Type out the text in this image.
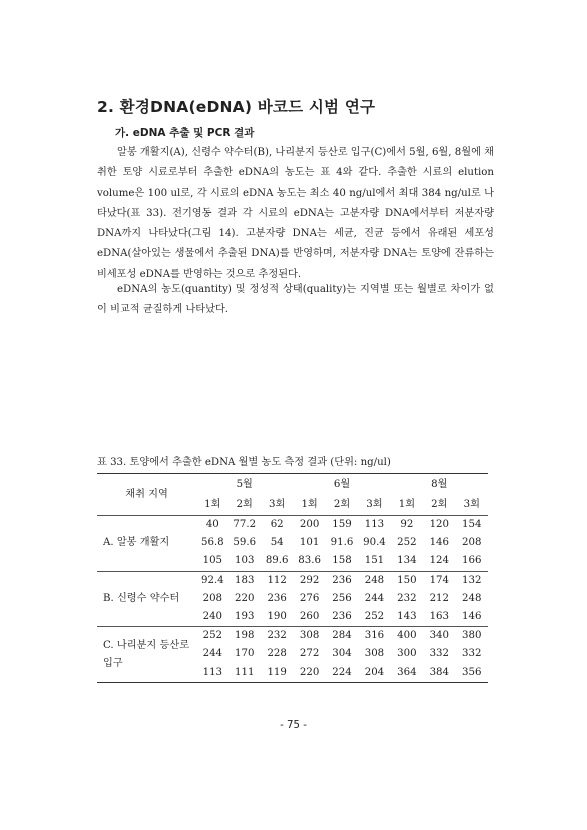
2. 환경DNA(eDNA) 바코드 시범 연구
가. eDNA 추출 및 PCR 결과

알봉 개활지(A), 신령수 약수터(B), 나리분지 등산로 입구(C)에서 5월, 6월, 8월에 채취한 토양 시료로부터 추출한 eDNA의 농도는 표 4와 같다. 추출한 시료의 elution volume은 100 ul로, 각 시료의 eDNA 농도는 최소 40 ng/ul에서 최대 384 ng/ul로 나타났다(표 33). 전기영동 결과 각 시료의 eDNA는 고분자량 DNA에서부터 저분자량 DNA까지 나타났다(그림 14). 고분자량 DNA는 세균, 진균 등에서 유래된 세포성 eDNA(살아있는 생물에서 추출된 DNA)를 반영하며, 저분자량 DNA는 토양에 잔류하는 비세포성 eDNA를 반영하는 것으로 추정된다.

eDNA의 농도(quantity) 및 정성적 상태(quality)는 지역별 또는 월별로 차이가 없이 비교적 균질하게 나타났다.

표 33. 토양에서 추출한 eDNA 월별 농도 측정 결과 (단위: ng/ul)
채취 지역	5월			6월			8월		
	1회	2회	3회	1회	2회	3회	1회	2회	3회
A. 알봉 개활지	40	77.2	62	200	159	113	92	120	154
	56.8	59.6	54	101	91.6	90.4	252	146	208
	105	103	89.6	83.6	158	151	134	124	166
B. 신령수 약수터	92.4	183	112	292	236	248	150	174	132
	208	220	236	276	256	244	232	212	248
	240	193	190	260	236	252	143	163	146
C. 나리분지 등산로 입구	252	198	232	308	284	316	400	340	380
	244	170	228	272	304	308	300	332	332
	113	111	119	220	224	204	364	384	356
- 75 -
